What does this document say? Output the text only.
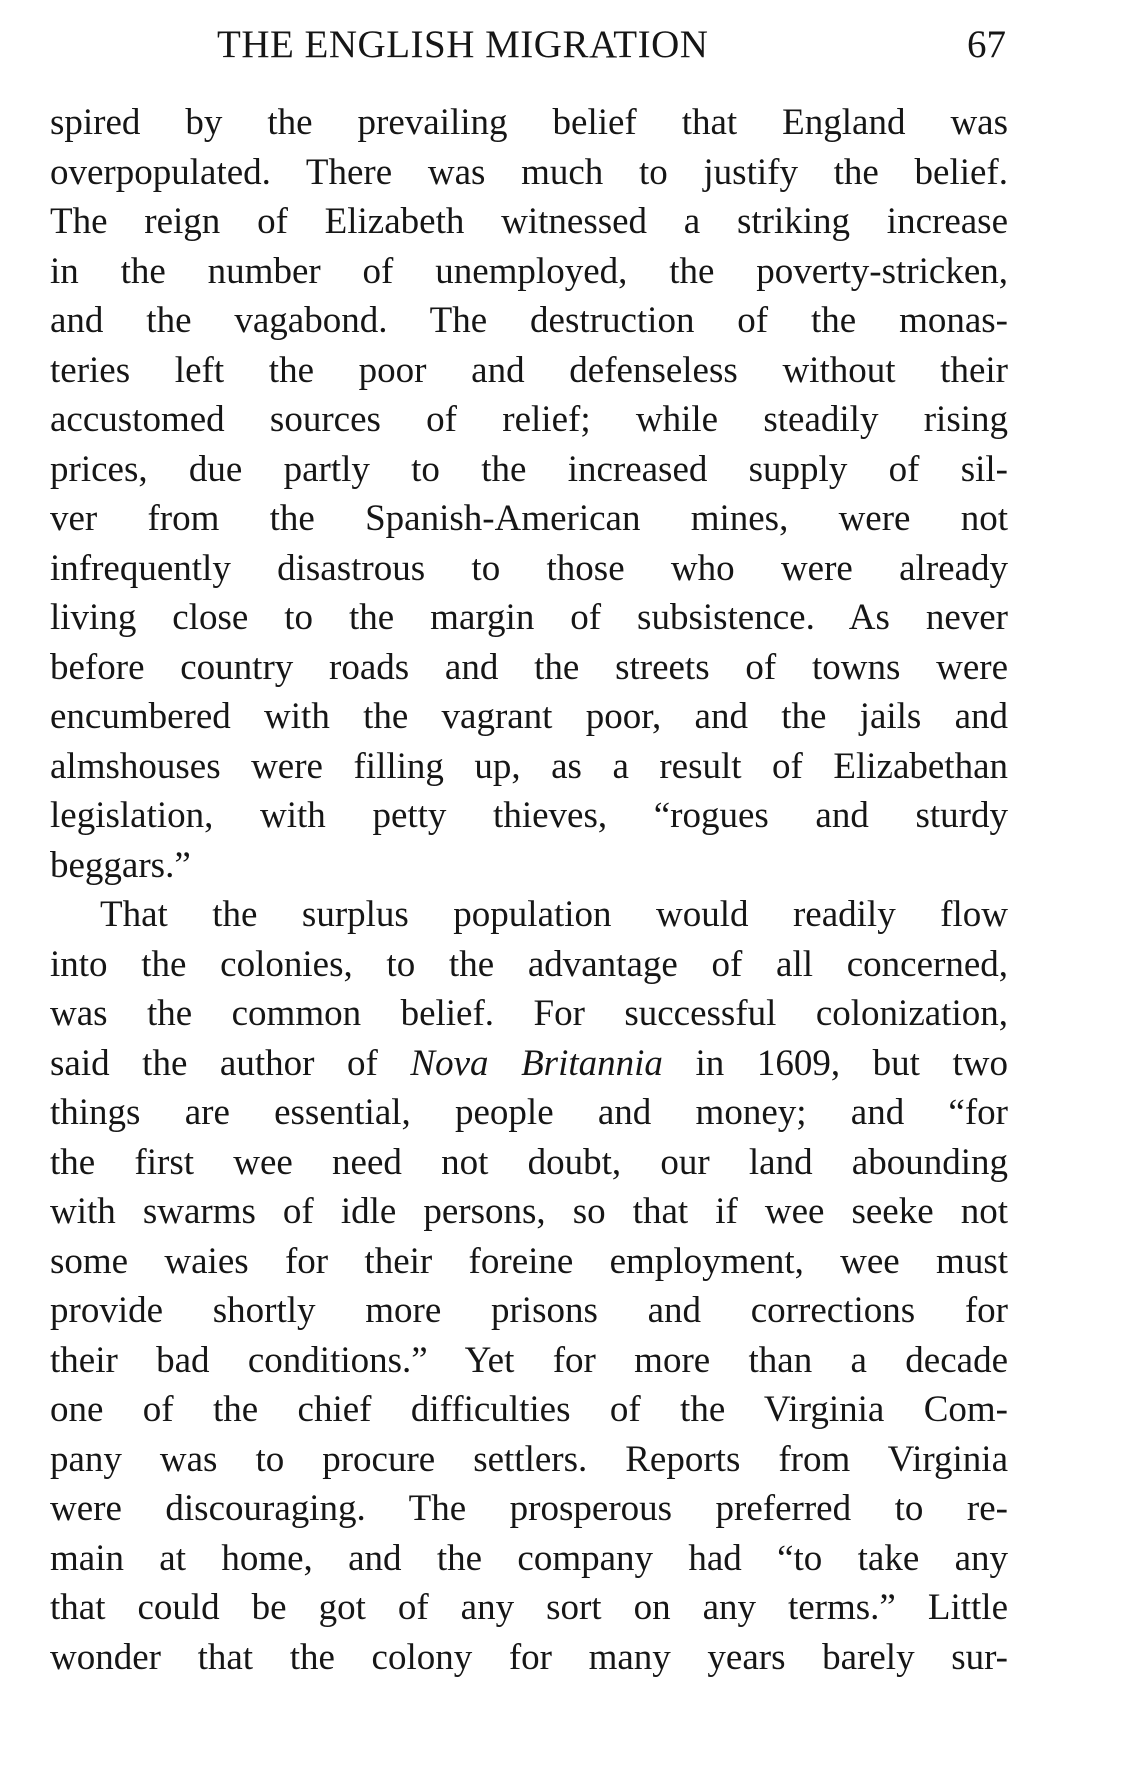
THE ENGLISH MIGRATION	67
spired by the prevailing belief that England was
overpopulated. There was much to justify the belief.
The reign of Elizabeth witnessed a striking increase
in the number of unemployed, the poverty-stricken,
and the vagabond. The destruction of the monas-
teries left the poor and defenseless without their
accustomed sources of relief; while steadily rising
prices, due partly to the increased supply of sil-
ver from the Spanish-American mines, were not
infrequently disastrous to those who were already
living close to the margin of subsistence. As never
before country roads and the streets of towns were
encumbered with the vagrant poor, and the jails and
almshouses were filling up, as a result of Elizabethan
legislation, with petty thieves, “rogues and sturdy
beggars.”
That the surplus population would readily flow
into the colonies, to the advantage of all concerned,
was the common belief. For successful colonization,
said the author of Nova Britannia in 1609, but two
things are essential, people and money; and “for
the first wee need not doubt, our land abounding
with swarms of idle persons, so that if wee seeke not
some waies for their foreine employment, wee must
provide shortly more prisons and corrections for
their bad conditions.” Yet for more than a decade
one of the chief difficulties of the Virginia Com-
pany was to procure settlers. Reports from Virginia
were discouraging. The prosperous preferred to re-
main at home, and the company had “to take any
that could be got of any sort on any terms.” Little
wonder that the colony for many years barely sur-
